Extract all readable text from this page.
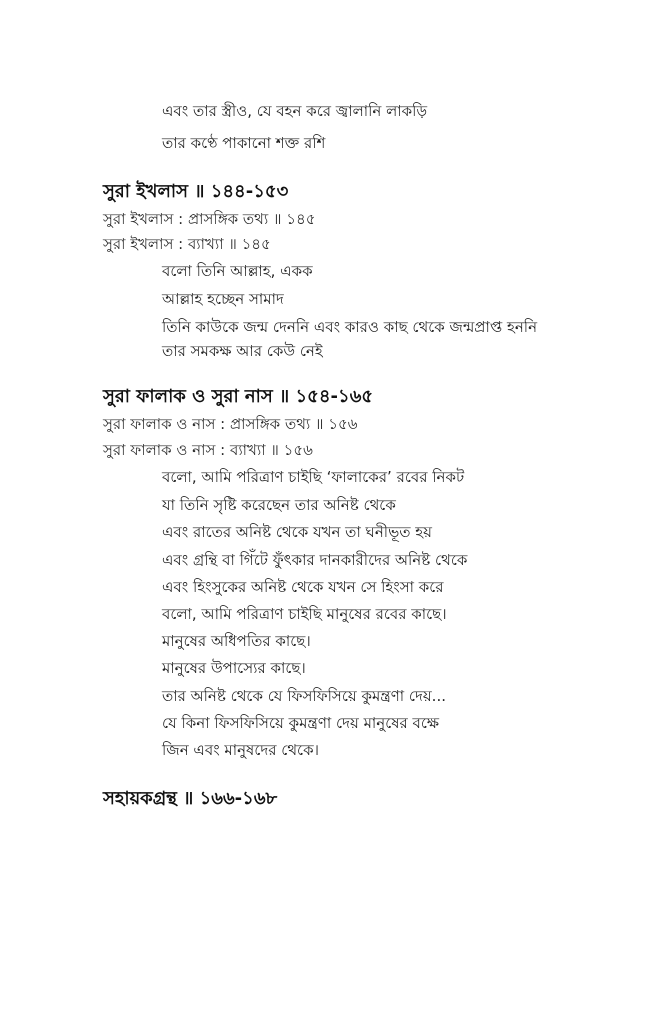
এবং তার স্ত্রীও, যে বহন করে জ্বালানি লাকড়ি
তার কণ্ঠে পাকানো শক্ত রশি
সুরা ইখলাস ॥ ১৪৪-১৫৩
সুরা ইখলাস : প্রাসঙ্গিক তথ্য ॥ ১৪৫
সুরা ইখলাস : ব্যাখ্যা ॥ ১৪৫
বলো তিনি আল্লাহ, একক
আল্লাহ হচ্ছেন সামাদ
তিনি কাউকে জন্ম দেননি এবং কারও কাছ থেকে জন্মপ্রাপ্ত হননি
তার সমকক্ষ আর কেউ নেই
সুরা ফালাক ও সুরা নাস ॥ ১৫৪-১৬৫
সুরা ফালাক ও নাস : প্রাসঙ্গিক তথ্য ॥ ১৫৬
সুরা ফালাক ও নাস : ব্যাখ্যা ॥ ১৫৬
বলো, আমি পরিত্রাণ চাইছি ‘ফালাকের’ রবের নিকট
যা তিনি সৃষ্টি করেছেন তার অনিষ্ট থেকে
এবং রাতের অনিষ্ট থেকে যখন তা ঘনীভূত হয়
এবং গ্রন্থি বা গিঁটে ফুঁৎকার দানকারীদের অনিষ্ট থেকে
এবং হিংসুকের অনিষ্ট থেকে যখন সে হিংসা করে
বলো, আমি পরিত্রাণ চাইছি মানুষের রবের কাছে।
মানুষের অধিপতির কাছে।
মানুষের উপাস্যের কাছে।
তার অনিষ্ট থেকে যে ফিসফিসিয়ে কুমন্ত্রণা দেয়...
যে কিনা ফিসফিসিয়ে কুমন্ত্রণা দেয় মানুষের বক্ষে
জিন এবং মানুষদের থেকে।
সহায়কগ্রন্থ ॥ ১৬৬-১৬৮
